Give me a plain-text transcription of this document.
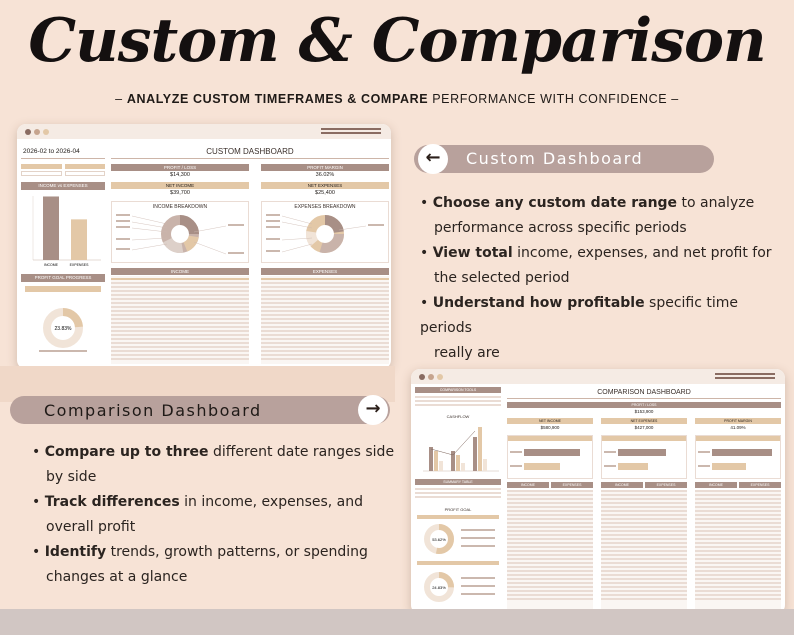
Custom & Comparison
– ANALYZE CUSTOM TIMEFRAMES & COMPARE PERFORMANCE WITH CONFIDENCE –
2026-02 to 2026-04	CUSTOM DASHBOARD
INCOME vs EXPENSES
INCOME	EXPENSES
PROFIT GOAL PROGRESS
23.83%
PROFIT / LOSS
$14,300
PROFIT MARGIN
36.02%
NET INCOME
$39,700
NET EXPENSES
$25,400
INCOME BREAKDOWN	EXPENSES BREAKDOWN
INCOME	EXPENSES
←	Custom Dashboard
• Choose any custom date range to analyze
performance across specific periods
• View total income, expenses, and net profit for
the selected period
• Understand how profitable specific time periods
really are
Comparison Dashboard	→
• Compare up to three different date ranges side
by side
• Track differences in income, expenses, and
overall profit
• Identify trends, growth patterns, or spending
changes at a glance
COMPARISON TOOLS
CASHFLOW
SUMMARY TABLE
PROFIT GOAL
53.62%
24.83%
COMPARISON DASHBOARD
PROFIT / LOSS
$153,900
NET INCOME
$580,900
NET EXPENSES
$427,000
PROFIT MARGIN
41.09%
INCOME	EXPENSES	INCOME	EXPENSES	INCOME	EXPENSES
